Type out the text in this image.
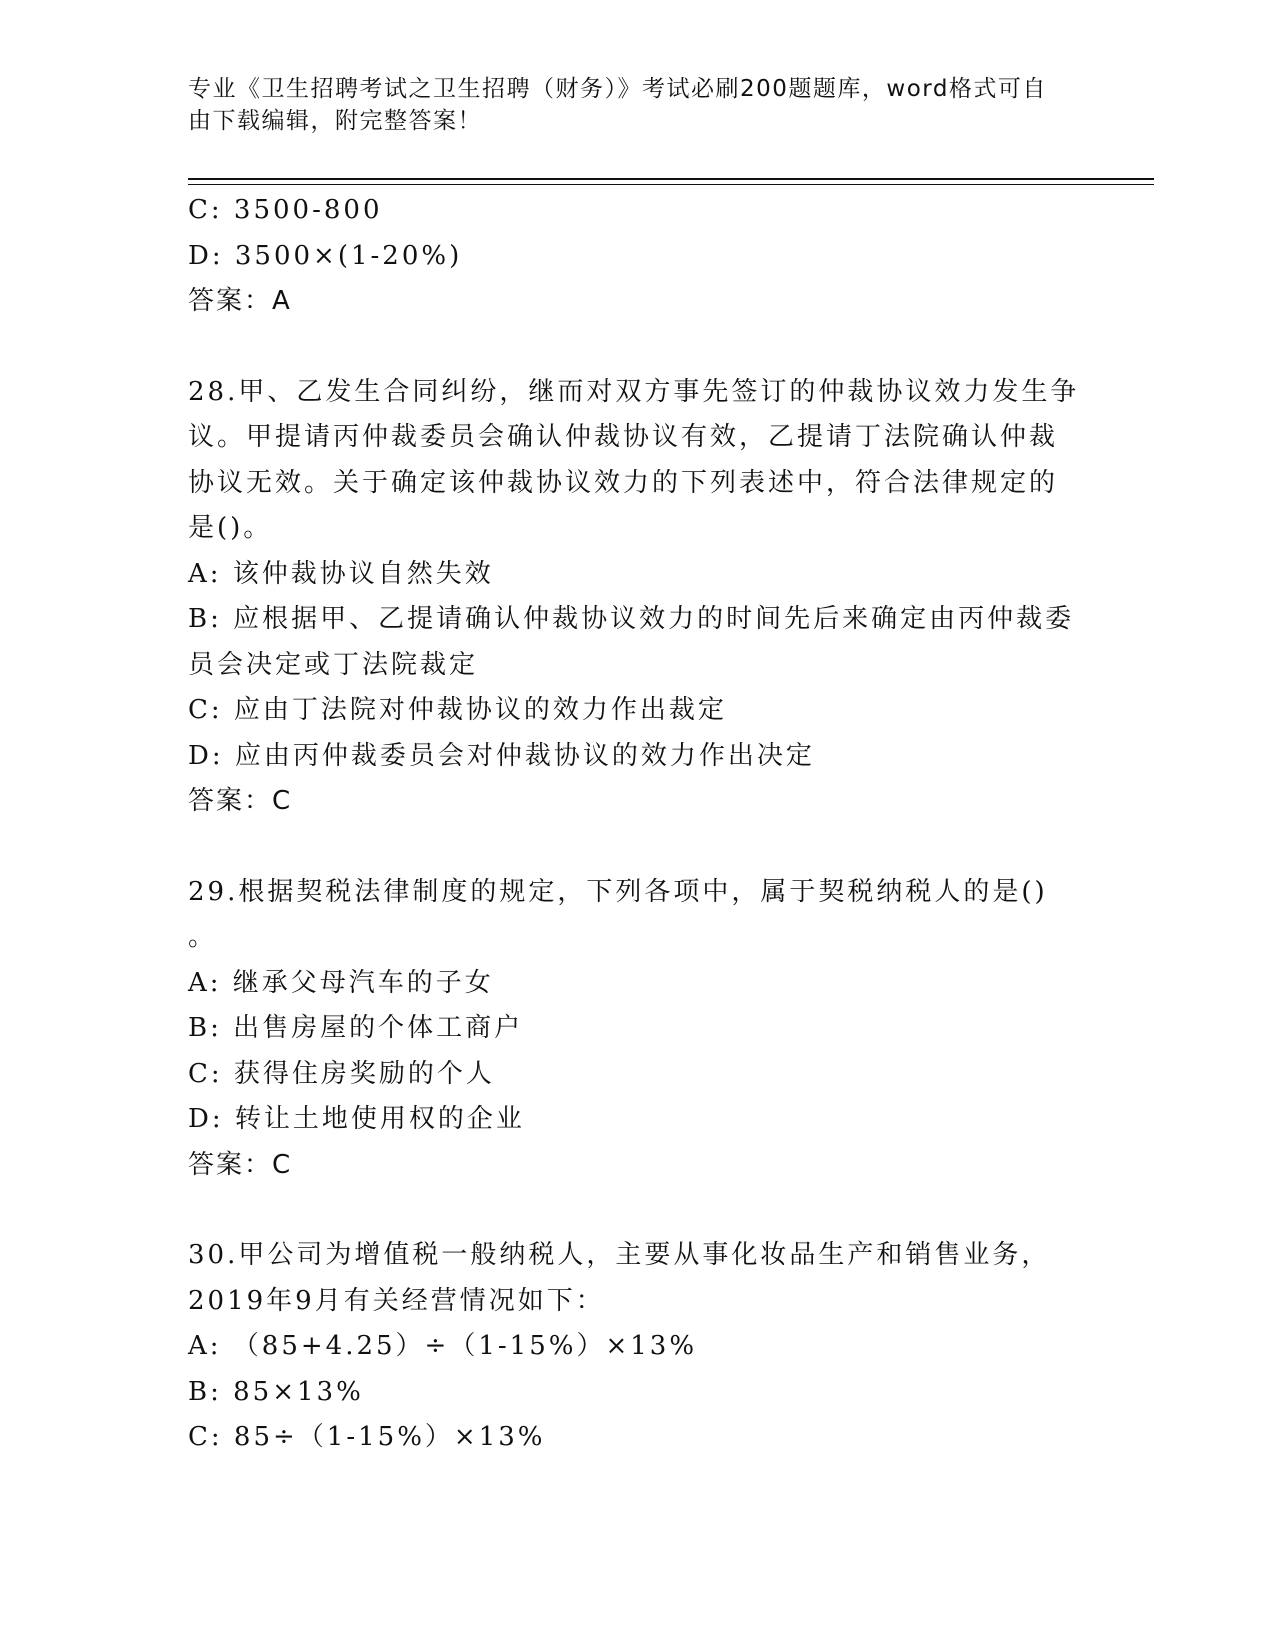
专业《卫生招聘考试之卫生招聘（财务）》考试必刷200题题库，word格式可自
由下载编辑，附完整答案！
C: 3500-800
D: 3500×(1-20%)
答案：A
28.甲、乙发生合同纠纷，继而对双方事先签订的仲裁协议效力发生争
议。甲提请丙仲裁委员会确认仲裁协议有效，乙提请丁法院确认仲裁
协议无效。关于确定该仲裁协议效力的下列表述中，符合法律规定的
是()。
A: 该仲裁协议自然失效
B: 应根据甲、乙提请确认仲裁协议效力的时间先后来确定由丙仲裁委
员会决定或丁法院裁定
C: 应由丁法院对仲裁协议的效力作出裁定
D: 应由丙仲裁委员会对仲裁协议的效力作出决定
答案：C
29.根据契税法律制度的规定，下列各项中，属于契税纳税人的是()
。
A: 继承父母汽车的子女
B: 出售房屋的个体工商户
C: 获得住房奖励的个人
D: 转让土地使用权的企业
答案：C
30.甲公司为增值税一般纳税人，主要从事化妆品生产和销售业务，
2019年9月有关经营情况如下：
A: （85+4.25）÷（1-15%）×13%
B: 85×13%
C: 85÷（1-15%）×13%
